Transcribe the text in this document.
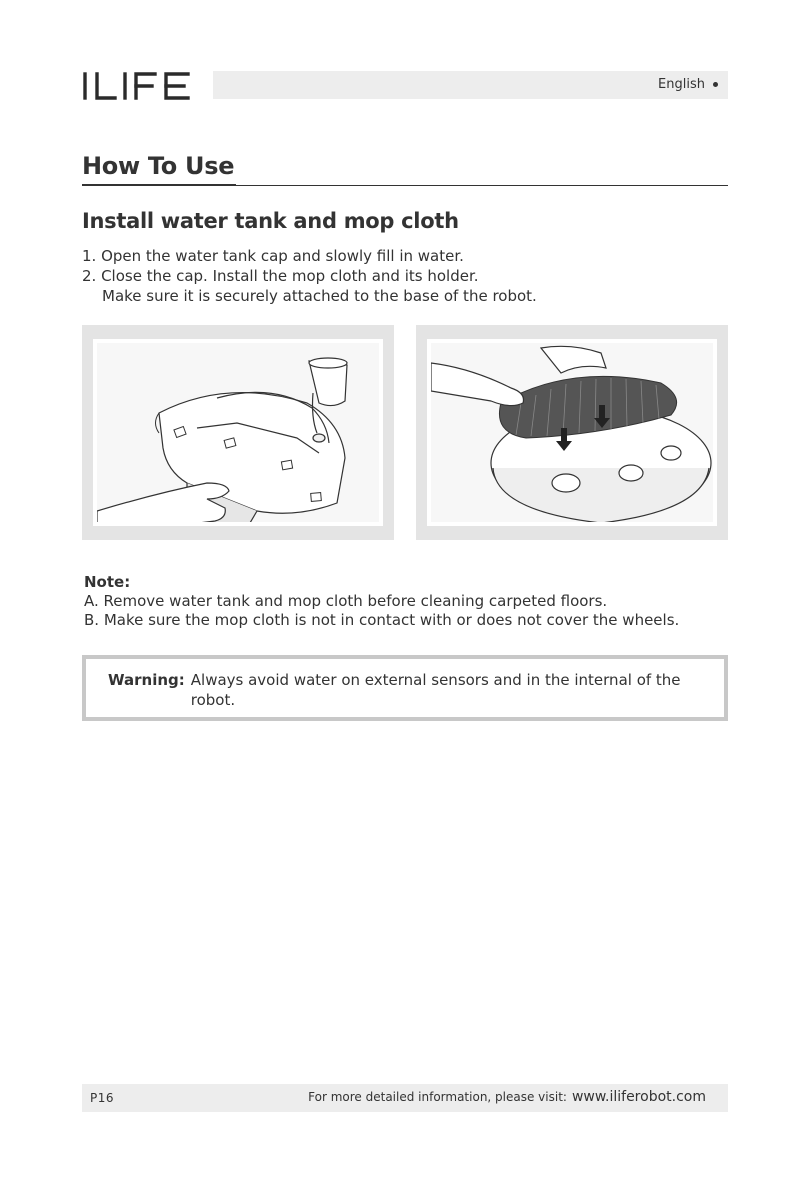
English
How To Use
Install water tank and mop cloth
1. Open the water tank cap and slowly fill in water.
2. Close the cap. Install the mop cloth and its holder.
Make sure it is securely attached to the base of the robot.
Note:
A. Remove water tank and mop cloth before cleaning carpeted floors.
B. Make sure the mop cloth is not in contact with or does not cover the wheels.
Warning: Always avoid water on external sensors and in the internal of the robot.
P16	For more detailed information, please visit: www.iliferobot.com
